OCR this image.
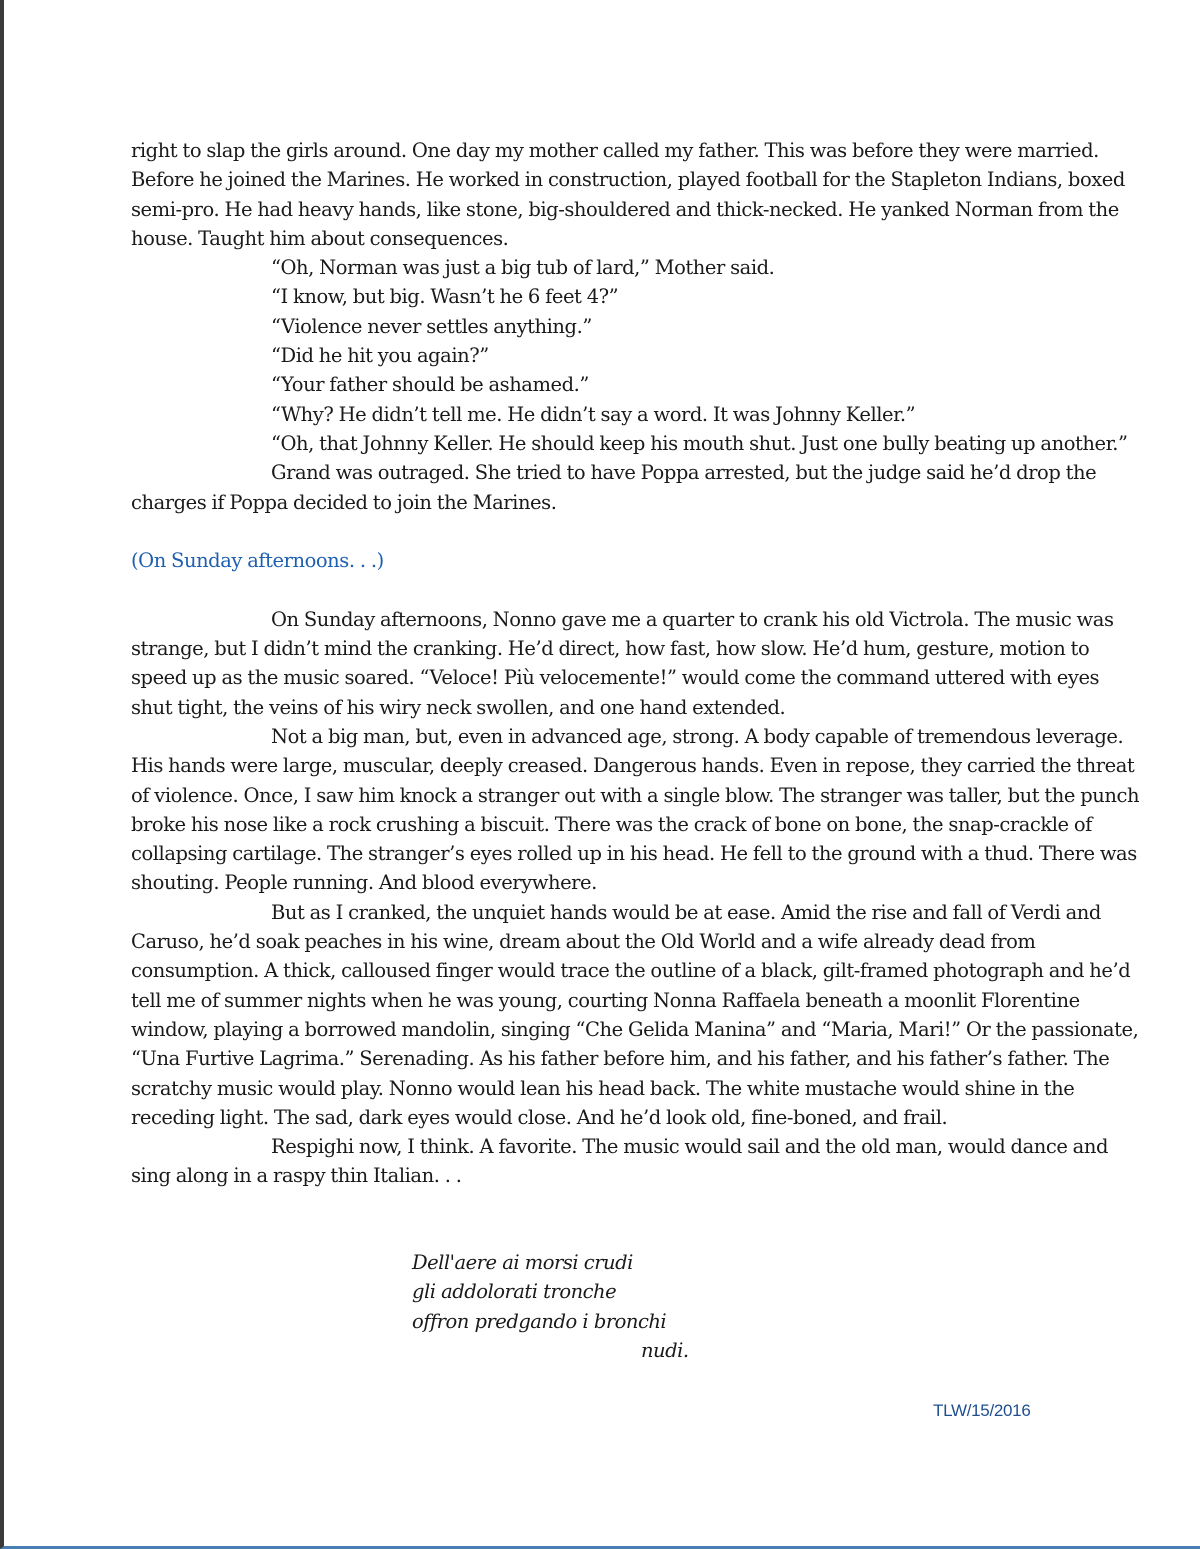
right to slap the girls around. One day my mother called my father. This was before they were married. Before he joined the Marines. He worked in construction, played football for the Stapleton Indians, boxed semi-pro. He had heavy hands, like stone, big-shouldered and thick-necked. He yanked Norman from the house. Taught him about consequences.

“Oh, Norman was just a big tub of lard,” Mother said.

“I know, but big. Wasn’t he 6 feet 4?”

“Violence never settles anything.”

“Did he hit you again?”

“Your father should be ashamed.”

“Why? He didn’t tell me. He didn’t say a word. It was Johnny Keller.”

“Oh, that Johnny Keller. He should keep his mouth shut. Just one bully beating up another.”

Grand was outraged. She tried to have Poppa arrested, but the judge said he’d drop the charges if Poppa decided to join the Marines.

(On Sunday afternoons. . .)

On Sunday afternoons, Nonno gave me a quarter to crank his old Victrola. The music was strange, but I didn’t mind the cranking. He’d direct, how fast, how slow. He’d hum, gesture, motion to speed up as the music soared. “Veloce! Più velocemente!” would come the command uttered with eyes shut tight, the veins of his wiry neck swollen, and one hand extended.

Not a big man, but, even in advanced age, strong. A body capable of tremendous leverage. His hands were large, muscular, deeply creased. Dangerous hands. Even in repose, they carried the threat of violence. Once, I saw him knock a stranger out with a single blow. The stranger was taller, but the punch broke his nose like a rock crushing a biscuit. There was the crack of bone on bone, the snap-crackle of collapsing cartilage. The stranger’s eyes rolled up in his head. He fell to the ground with a thud. There was shouting. People running. And blood everywhere.

But as I cranked, the unquiet hands would be at ease. Amid the rise and fall of Verdi and Caruso, he’d soak peaches in his wine, dream about the Old World and a wife already dead from consumption. A thick, calloused finger would trace the outline of a black, gilt-framed photograph and he’d tell me of summer nights when he was young, courting Nonna Raffaela beneath a moonlit Florentine window, playing a borrowed mandolin, singing “Che Gelida Manina” and “Maria, Mari!” Or the passionate, “Una Furtive Lagrima.” Serenading. As his father before him, and his father, and his father’s father. The scratchy music would play. Nonno would lean his head back. The white mustache would shine in the receding light. The sad, dark eyes would close. And he’d look old, fine-boned, and frail.

Respighi now, I think. A favorite. The music would sail and the old man, would dance and sing along in a raspy thin Italian. . .

Dell'aere ai morsi crudi
gli addolorati tronche
offron predgando i bronchi
nudi.
TLW/15/2016
